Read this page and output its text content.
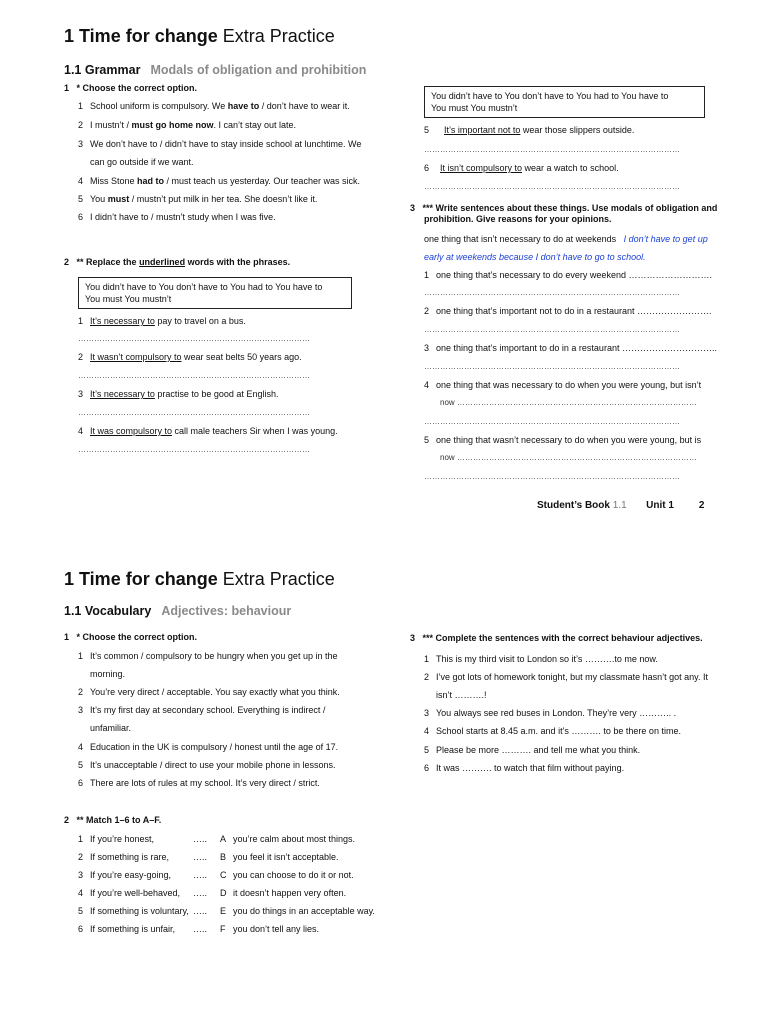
1 Time for change Extra Practice
1.1 Grammar Modals of obligation and prohibition
1 * Choose the correct option.
1 School uniform is compulsory. We have to / don’t have to wear it.
2 I mustn’t / must go home now. I can’t stay out late.
3 We don’t have to / didn’t have to stay inside school at lunchtime. We
can go outside if we want.
4 Miss Stone had to / must teach us yesterday. Our teacher was sick.
5 You must / mustn’t put milk in her tea. She doesn’t like it.
6 I didn’t have to / mustn’t study when I was five.
2 ** Replace the underlined words with the phrases.
You didn’t have to You don’t have to You had to You have to
You must You mustn’t
1 It’s necessary to pay to travel on a bus.
……………………………………………………………………………
2 It wasn’t compulsory to wear seat belts 50 years ago.
……………………………………………………………………………
3 It’s necessary to practise to be good at English.
……………………………………………………………………………
4 It was compulsory to call male teachers Sir when I was young.
……………………………………………………………………………
You didn’t have to You don’t have to You had to You have to
You must You mustn’t
5 It’s important not to wear those slippers outside.
……………………………………………………………………………………
6 It isn’t compulsory to wear a watch to school.
……………………………………………………………………………………
3 *** Write sentences about these things. Use modals of obligation and
prohibition. Give reasons for your opinions.
one thing that isn’t necessary to do at weekends I don’t have to get up
early at weekends because I don’t have to go to school.
1 one thing that’s necessary to do every weekend ……………………….
……………………………………………………………………………………
2 one thing that’s important not to do in a restaurant …………………….
……………………………………………………………………………………
3 one thing that’s important to do in a restaurant …………………………..
……………………………………………………………………………………
4 one thing that was necessary to do when you were young, but isn’t
now ………………………………………………………………………………
……………………………………………………………………………………
5 one thing that wasn’t necessary to do when you were young, but is
now ………………………………………………………………………………
……………………………………………………………………………………
Student’s Book 1.1 Unit 1	2
1 Time for change Extra Practice
1.1 Vocabulary Adjectives: behaviour
1 * Choose the correct option.
1 It’s common / compulsory to be hungry when you get up in the
morning.
2 You’re very direct / acceptable. You say exactly what you think.
3 It’s my first day at secondary school. Everything is indirect /
unfamiliar.
4 Education in the UK is compulsory / honest until the age of 17.
5 It’s unacceptable / direct to use your mobile phone in lessons.
6 There are lots of rules at my school. It’s very direct / strict.
2 ** Match 1–6 to A–F.
1 If you’re honest,	….. A you’re calm about most things.
2 If something is rare,	….. B you feel it isn’t acceptable.
3 If you’re easy-going, ….. C you can choose to do it or not.
4 If you’re well-behaved, ….. D it doesn’t happen very often.
5 If something is voluntary, ….. E you do things in an acceptable way.
6 If something is unfair, ….. F you don’t tell any lies.
3 *** Complete the sentences with the correct behaviour adjectives.
1 This is my third visit to London so it’s ……….to me now.
2 I’ve got lots of homework tonight, but my classmate hasn’t got any. It
isn’t ……….!
3 You always see red buses in London. They’re very ……….. .
4 School starts at 8.45 a.m. and it’s ………. to be there on time.
5 Please be more ………. and tell me what you think.
6 It was ………. to watch that film without paying.
